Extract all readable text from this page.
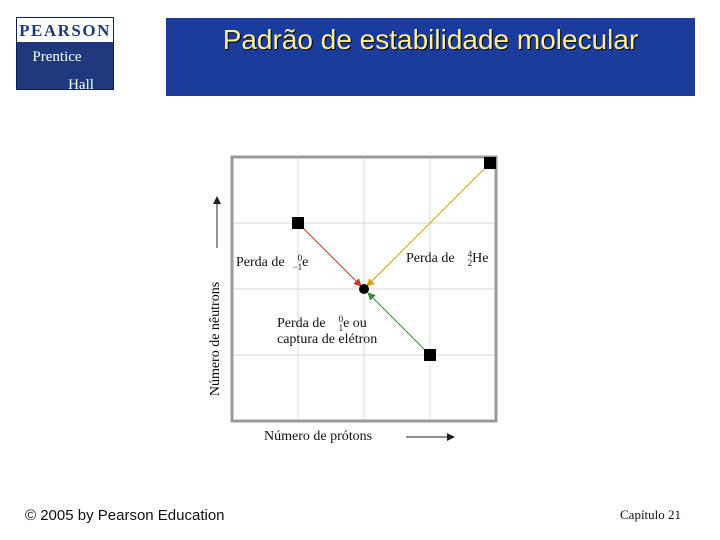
PEARSON
Prentice
Hall
Padrão de estabilidade molecular
Perda de 0
−1 e	Perda de 4
2 He
Perda de 0
1 e ou
captura de elétron
Número de prótons
Número de nêutrons
© 2005 by Pearson Education	Capítulo 21
